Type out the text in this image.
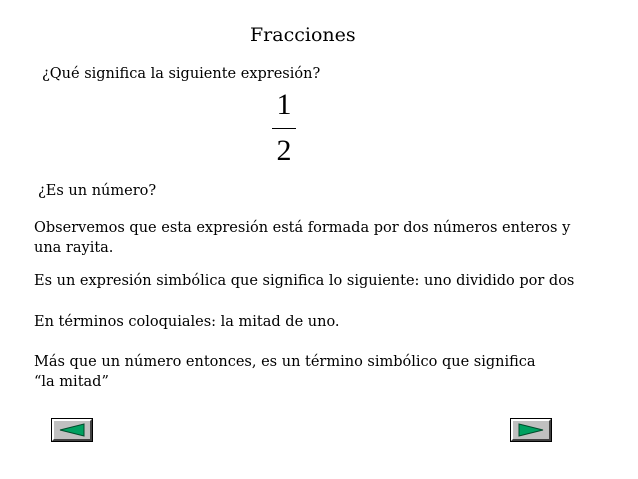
Fracciones
¿Qué significa la siguiente expresión?
1
2
¿Es un número?
Observemos que esta expresión está formada por dos números enteros y una rayita.
Es un expresión simbólica que significa lo siguiente: uno dividido por dos
En términos coloquiales: la mitad de uno.
Más que un número entonces, es un término simbólico que significa
“la mitad”
